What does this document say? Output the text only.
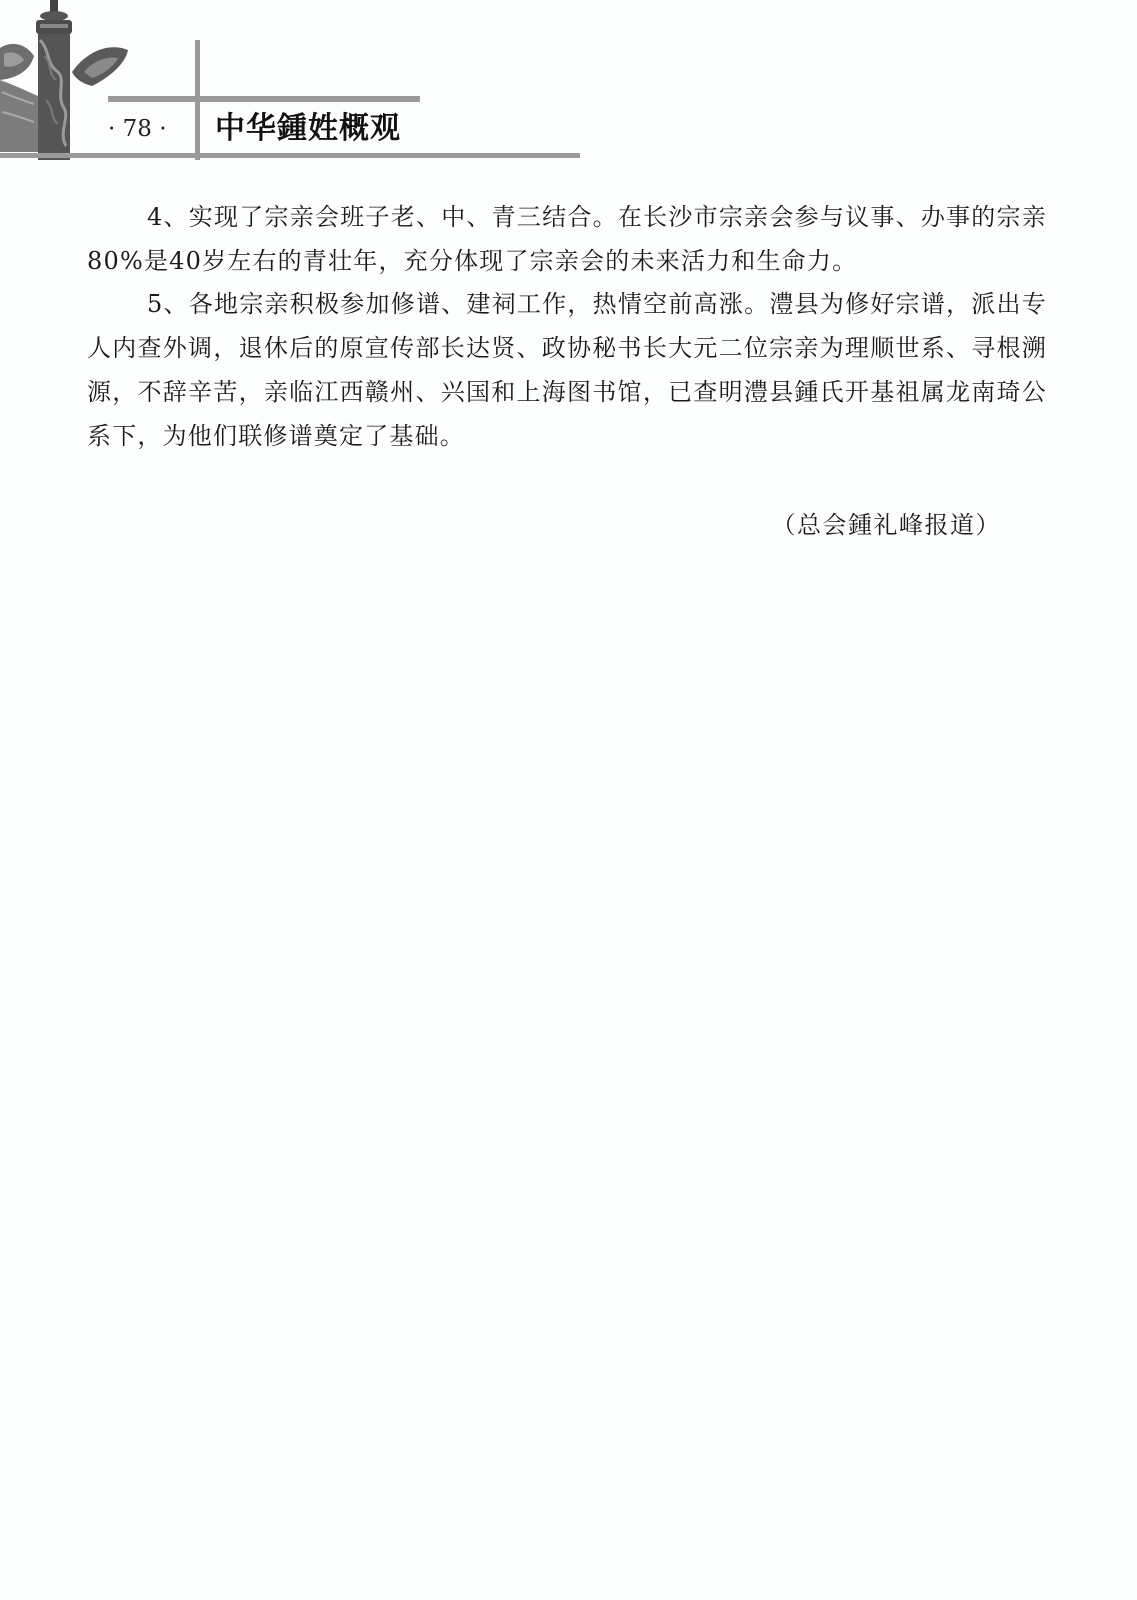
· 78 · 中华鍾姓概观

4、实现了宗亲会班子老、中、青三结合。在长沙市宗亲会参与议事、办事的宗亲80%是40岁左右的青壮年，充分体现了宗亲会的未来活力和生命力。

5、各地宗亲积极参加修谱、建祠工作，热情空前高涨。澧县为修好宗谱，派出专人内查外调，退休后的原宣传部长达贤、政协秘书长大元二位宗亲为理顺世系、寻根溯源，不辞辛苦，亲临江西赣州、兴国和上海图书馆，已查明澧县鍾氏开基祖属龙南琦公系下，为他们联修谱奠定了基础。

（总会鍾礼峰报道）
